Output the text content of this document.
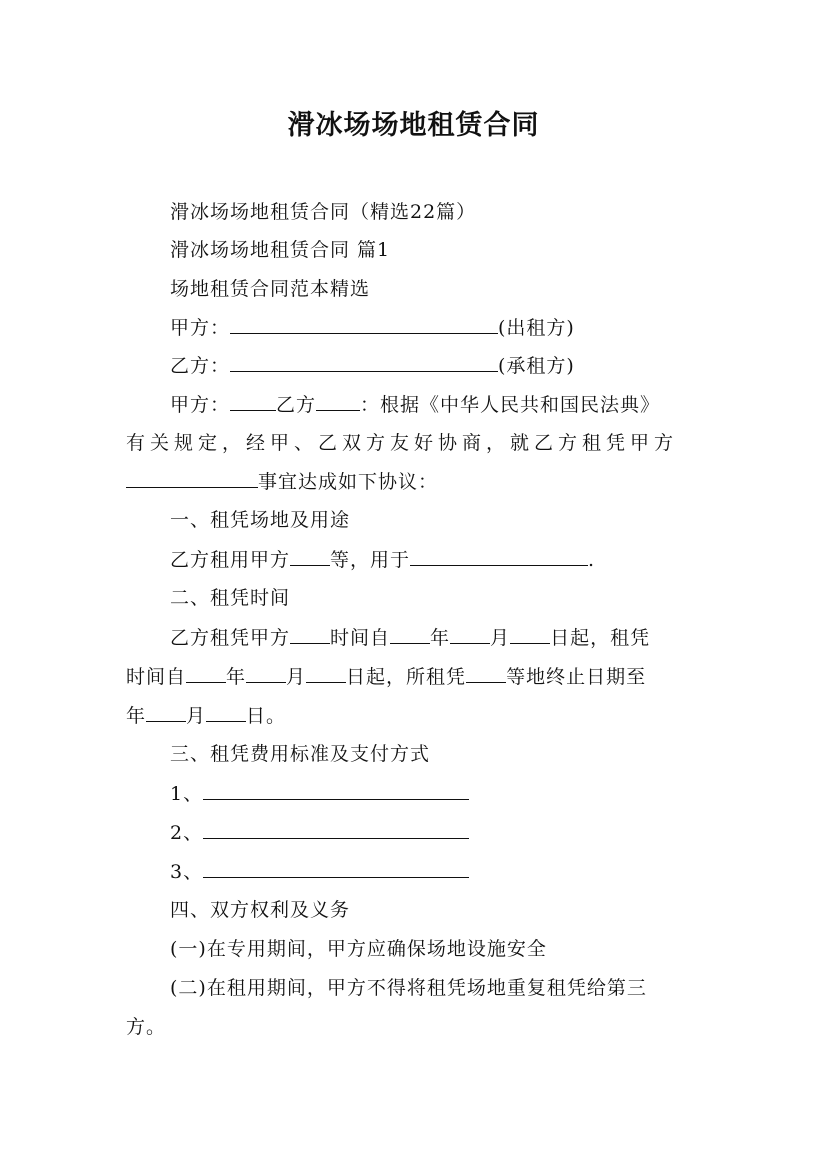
滑冰场场地租赁合同
滑冰场场地租赁合同（精选22篇）
滑冰场场地租赁合同 篇1
场地租赁合同范本精选
甲方：	(出租方)
乙方：	(承租方)
甲方： 乙方 ：根据《中华人民共和国民法典》
有关规定，经甲、乙双方友好协商，就乙方租凭甲方
事宜达成如下协议：
一、租凭场地及用途
乙方租用甲方 等，用于	.
二、租凭时间
乙方租凭甲方 时间自 年 月 日起，租凭
时间自 年 月 日起，所租凭 等地终止日期至
年 月 日。
三、租凭费用标准及支付方式
1、
2、
3、
四、双方权利及义务
(一)在专用期间，甲方应确保场地设施安全
(二)在租用期间，甲方不得将租凭场地重复租凭给第三
方。
